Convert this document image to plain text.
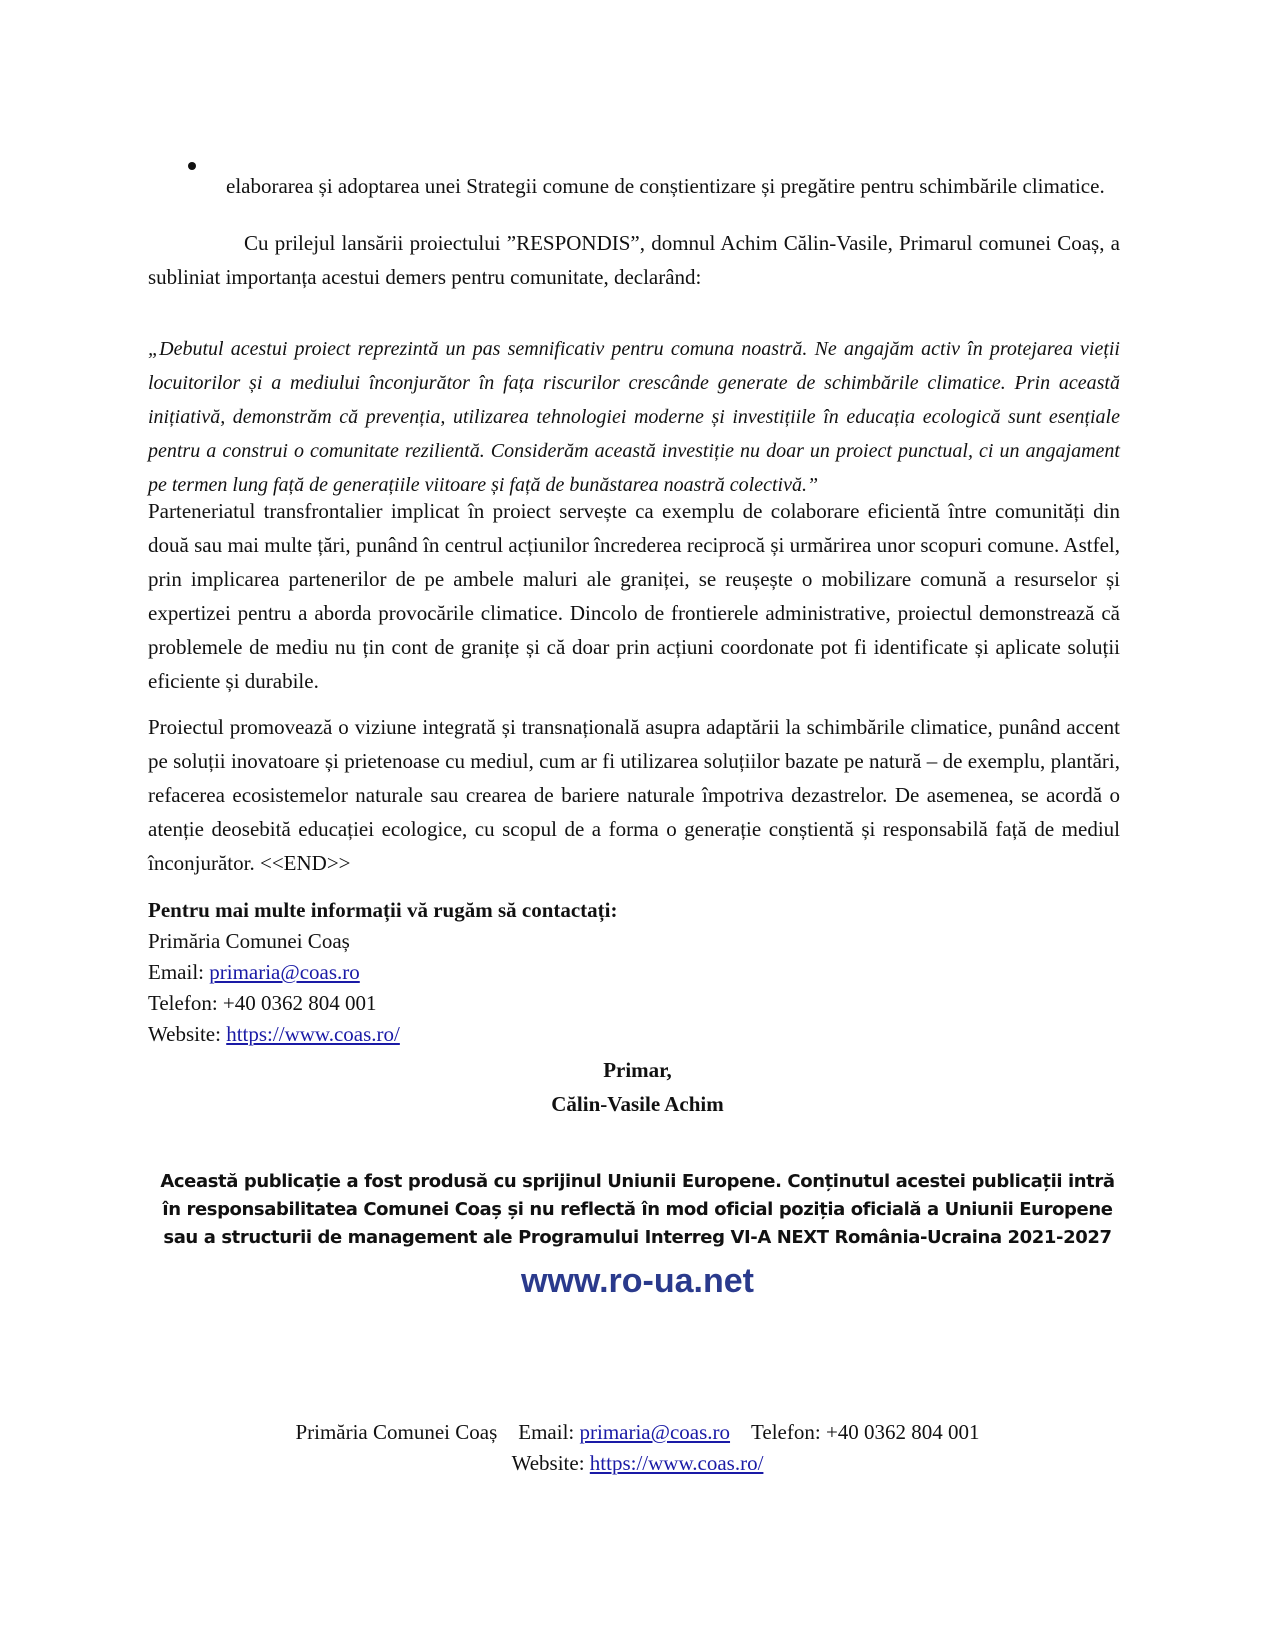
elaborarea și adoptarea unei Strategii comune de conștientizare și pregătire pentru schimbările climatice.

Cu prilejul lansării proiectului ”RESPONDIS”, domnul Achim Călin-Vasile, Primarul comunei Coaș, a subliniat importanța acestui demers pentru comunitate, declarând:

„Debutul acestui proiect reprezintă un pas semnificativ pentru comuna noastră. Ne angajăm activ în protejarea vieții locuitorilor și a mediului înconjurător în fața riscurilor crescânde generate de schimbările climatice. Prin această inițiativă, demonstrăm că prevenția, utilizarea tehnologiei moderne și investițiile în educația ecologică sunt esențiale pentru a construi o comunitate rezilientă. Considerăm această investiție nu doar un proiect punctual, ci un angajament pe termen lung față de generațiile viitoare și față de bunăstarea noastră colectivă.”

Parteneriatul transfrontalier implicat în proiect servește ca exemplu de colaborare eficientă între comunități din două sau mai multe țări, punând în centrul acțiunilor încrederea reciprocă și urmărirea unor scopuri comune. Astfel, prin implicarea partenerilor de pe ambele maluri ale graniței, se reușește o mobilizare comună a resurselor și expertizei pentru a aborda provocările climatice. Dincolo de frontierele administrative, proiectul demonstrează că problemele de mediu nu țin cont de granițe și că doar prin acțiuni coordonate pot fi identificate și aplicate soluții eficiente și durabile.

Proiectul promovează o viziune integrată și transnațională asupra adaptării la schimbările climatice, punând accent pe soluții inovatoare și prietenoase cu mediul, cum ar fi utilizarea soluțiilor bazate pe natură – de exemplu, plantări, refacerea ecosistemelor naturale sau crearea de bariere naturale împotriva dezastrelor. De asemenea, se acordă o atenție deosebită educației ecologice, cu scopul de a forma o generație conștientă și responsabilă față de mediul înconjurător. <<END>>

Pentru mai multe informații vă rugăm să contactați:
Primăria Comunei Coaș
Email: primaria@coas.ro
Telefon: +40 0362 804 001
Website: https://www.coas.ro/
Primar,
Călin-Vasile Achim
Această publicație a fost produsă cu sprijinul Uniunii Europene. Conținutul acestei publicații intră în responsabilitatea Comunei Coaș și nu reflectă în mod oficial poziția oficială a Uniunii Europene sau a structurii de management ale Programului Interreg VI-A NEXT România-Ucraina 2021-2027
www.ro-ua.net
Primăria Comunei Coaș Email: primaria@coas.ro Telefon: +40 0362 804 001
Website: https://www.coas.ro/
